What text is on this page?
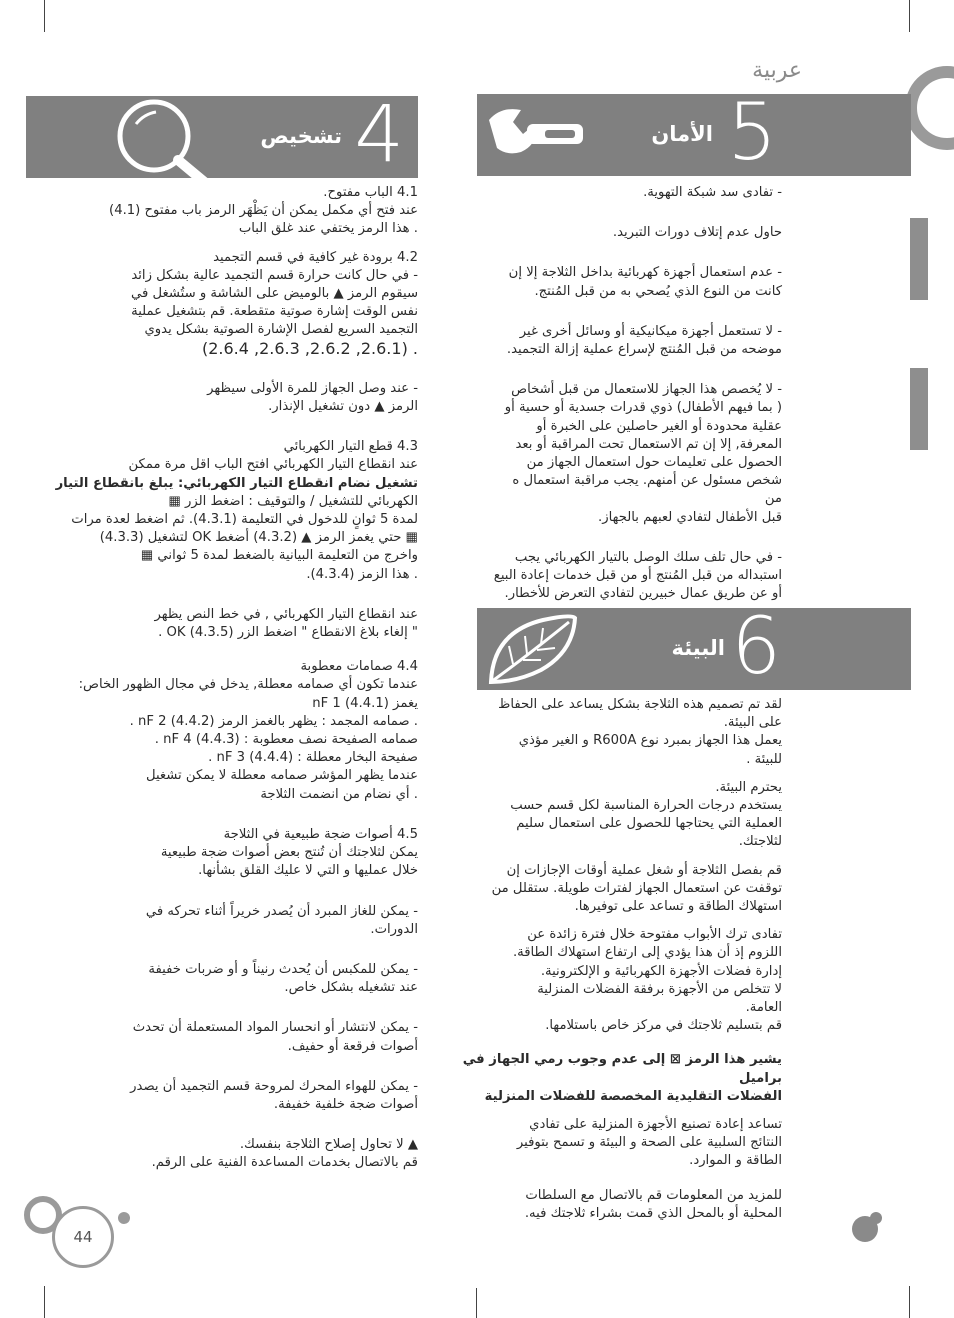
عربية
تشخيص 4	الأمان 5
البيئة 6

4.1 الباب مفتوح.

عند فتح أي مكمل يمكن أن يَظْهَر الرمز باب مفتوح (4.1)

. هذا الرمز يختفي عند غلق الباب

4.2 برودة غير كافية في قسم التجميد

- في حال كانت حرارة قسم التجميد عالية بشكل زائد

سيقوم الرمز ▲ بالوميض على الشاشة و ستُشغل في

نفس الوقت إشارة صوتية متقطعة. قم بتشغيل عملية

التجميد السريع لفصل الإشارة الصوتية بشكل يدوي

. (2.6.1, 2.6.2, 2.6.3, 2.6.4)

- عند وصل الجهاز للمرة الأولى سيظهر

الرمز ▲ دون تشغيل الإنذار.

4.3 قطع التيار الكهربائي

عند انقطاع التيار الكهربائي افتح الباب اقل مرة ممكن

تشغيل نضام انقطاع التيار الكهربائي: يبلغ بانقطاع التيار

الكهربائي للتشغيل / والتوقيف : اضغط الزر ▦

لمدة 5 ثوانٍ للدخول في التعليمة (4.3.1). ثم اضغط لعدة مرات

▦ حتي يغمز الرمز ▲ (4.3.2) أضغط OK لتشغيل (4.3.3)

واخرج من التعليمة البيانية بالضغط لمدة 5 ثواني ▦

. هذا الزمز (4.3.4).

عند انقطاع التيار الكهربائي , في خط النص يظهر

" إلغاء بلاغ الانقطاع " اضغط الزر OK (4.3.5) .

4.4 صمامات معطوبة

عندما تكون أي صمامه معطلة, يدخل في مجال الظهور الخاص:

يغمز (4.4.1) nF 1

. صمامه المجمد : يظهر بالغمز الرمز nF 2 (4.4.2) .

صمامه الصفيحة نصف معطوبة : nF 4 (4.4.3) .

صفيحة البخار معطلة : nF 3 (4.4.4) .

عندما يظهر المؤشر صمامه معطلة لا يمكن تشغيل

. أي نضام من انضمت الثلاجة

4.5 أصوات ضجة طبيعية في الثلاجة

يمكن لثلاجتك أن تُنتج بعض أصوات ضجة طبيعية

خلال عمليها و التي لا عليك القلق بشأنها.

- يمكن للغاز المبرد أن يُصدر خريراً أثناء تحركه في

الدورات.

- يمكن للمكبس أن يُحدث رنيناً و أو ضربات خفيفة

عند تشغيله بشكل خاص.

- يمكن لانتشار أو انحسار المواد المستعملة أن تحدث

أصوات فرقعة أو حفيف.

- يمكن للهواء المحرك لمروحة قسم التجميد أن يصدر

أصوات ضجة خلفية خفيفة.

▲ لا تحاول إصلاح الثلاجة بنفسك.

قم بالاتصال بخدمات المساعدة الفنية على الرقم.

- تفادى سد شبكة التهوية.

حاول عدم إتلاف دورات التبريد.

- عدم استعمال أجهزة كهربائية بداخل الثلاجة إلا إن

كانت من النوع الذي يُصحي به من قبل المُنتج.

- لا تستعمل أجهزة ميكانيكية أو وسائل أخرى غير

موضحه من قبل المُنتج لإسراع عملية إزالة التجميد.

- لا يُخصص هذا الجهاز للاستعمال من قبل أشخاص

( بما فيهم الأطفال) ذوي قدرات جسدية أو حسية أو

عقلية محدودة أو الغير حاصلين على الخبرة أو

المعرفة, إلا إن تم الاستعمال تحت المراقبة أو بعد

الحصول على تعليمات حول استعمال الجهاز من

شخص مسئول عن أمنهم. يجب مراقبة استعمال ه من

قبل الأطفال لتفادي لعبهم بالجهاز.

- في حال تلف سلك الوصل بالتيار الكهربائي يجب

استبداله من قبل المُنتج أو من قبل خدمات إعادة البيع

أو عن طريق عمال خبيرين لتفادي التعرض للأخطار.

لقد تم تصميم هذه الثلاجة بشكل يساعد على الحفاظ

على البيئة.

يعمل هذا الجهاز بمبرد نوع R600A و الغير مؤذي

للبيئة .

يحترم البيئة.

يستخدم درجات الحرارة المناسبة لكل قسم حسب

العملية التي يحتاجها للحصول على استعمال سليم

لثلاجتك.

قم بفصل الثلاجة أو شغل عملية أوقات الإجازات إن

توقفت عن استعمال الجهاز لفترات طويلة. ستقلل من

استهلاك الطاقة و تساعد على توفيرها.

تفادى ترك الأبواب مفتوحة خلال فترة زائدة عن

اللزوم إذ أن هذا يؤدي إلى ارتفاع استهلاك الطاقة.

إدارة فضلات الأجهزة الكهربائية و الإلكترونية.

لا تتخلص من الأجهزة برفقة الفضلات المنزلية

العامة.

قم بتسليم ثلاجتك في مركز خاص باستلامها.

يشير هذا الرمز ⊠ إلى عدم وجوب رمي الجهاز في براميل

الفضلات التقليدية المخصصة للفضلات المنزلية

تساعد إعادة تصنيع الأجهزة المنزلية على تفادي

النتائج السلبية على الصحة و البيئة و تسمح بتوفير

الطاقة و الموارد.

للمزيد من المعلومات قم بالاتصال مع السلطات

المحلية أو بالمحل الذي قمت بشراء ثلاجتك فيه.

44
